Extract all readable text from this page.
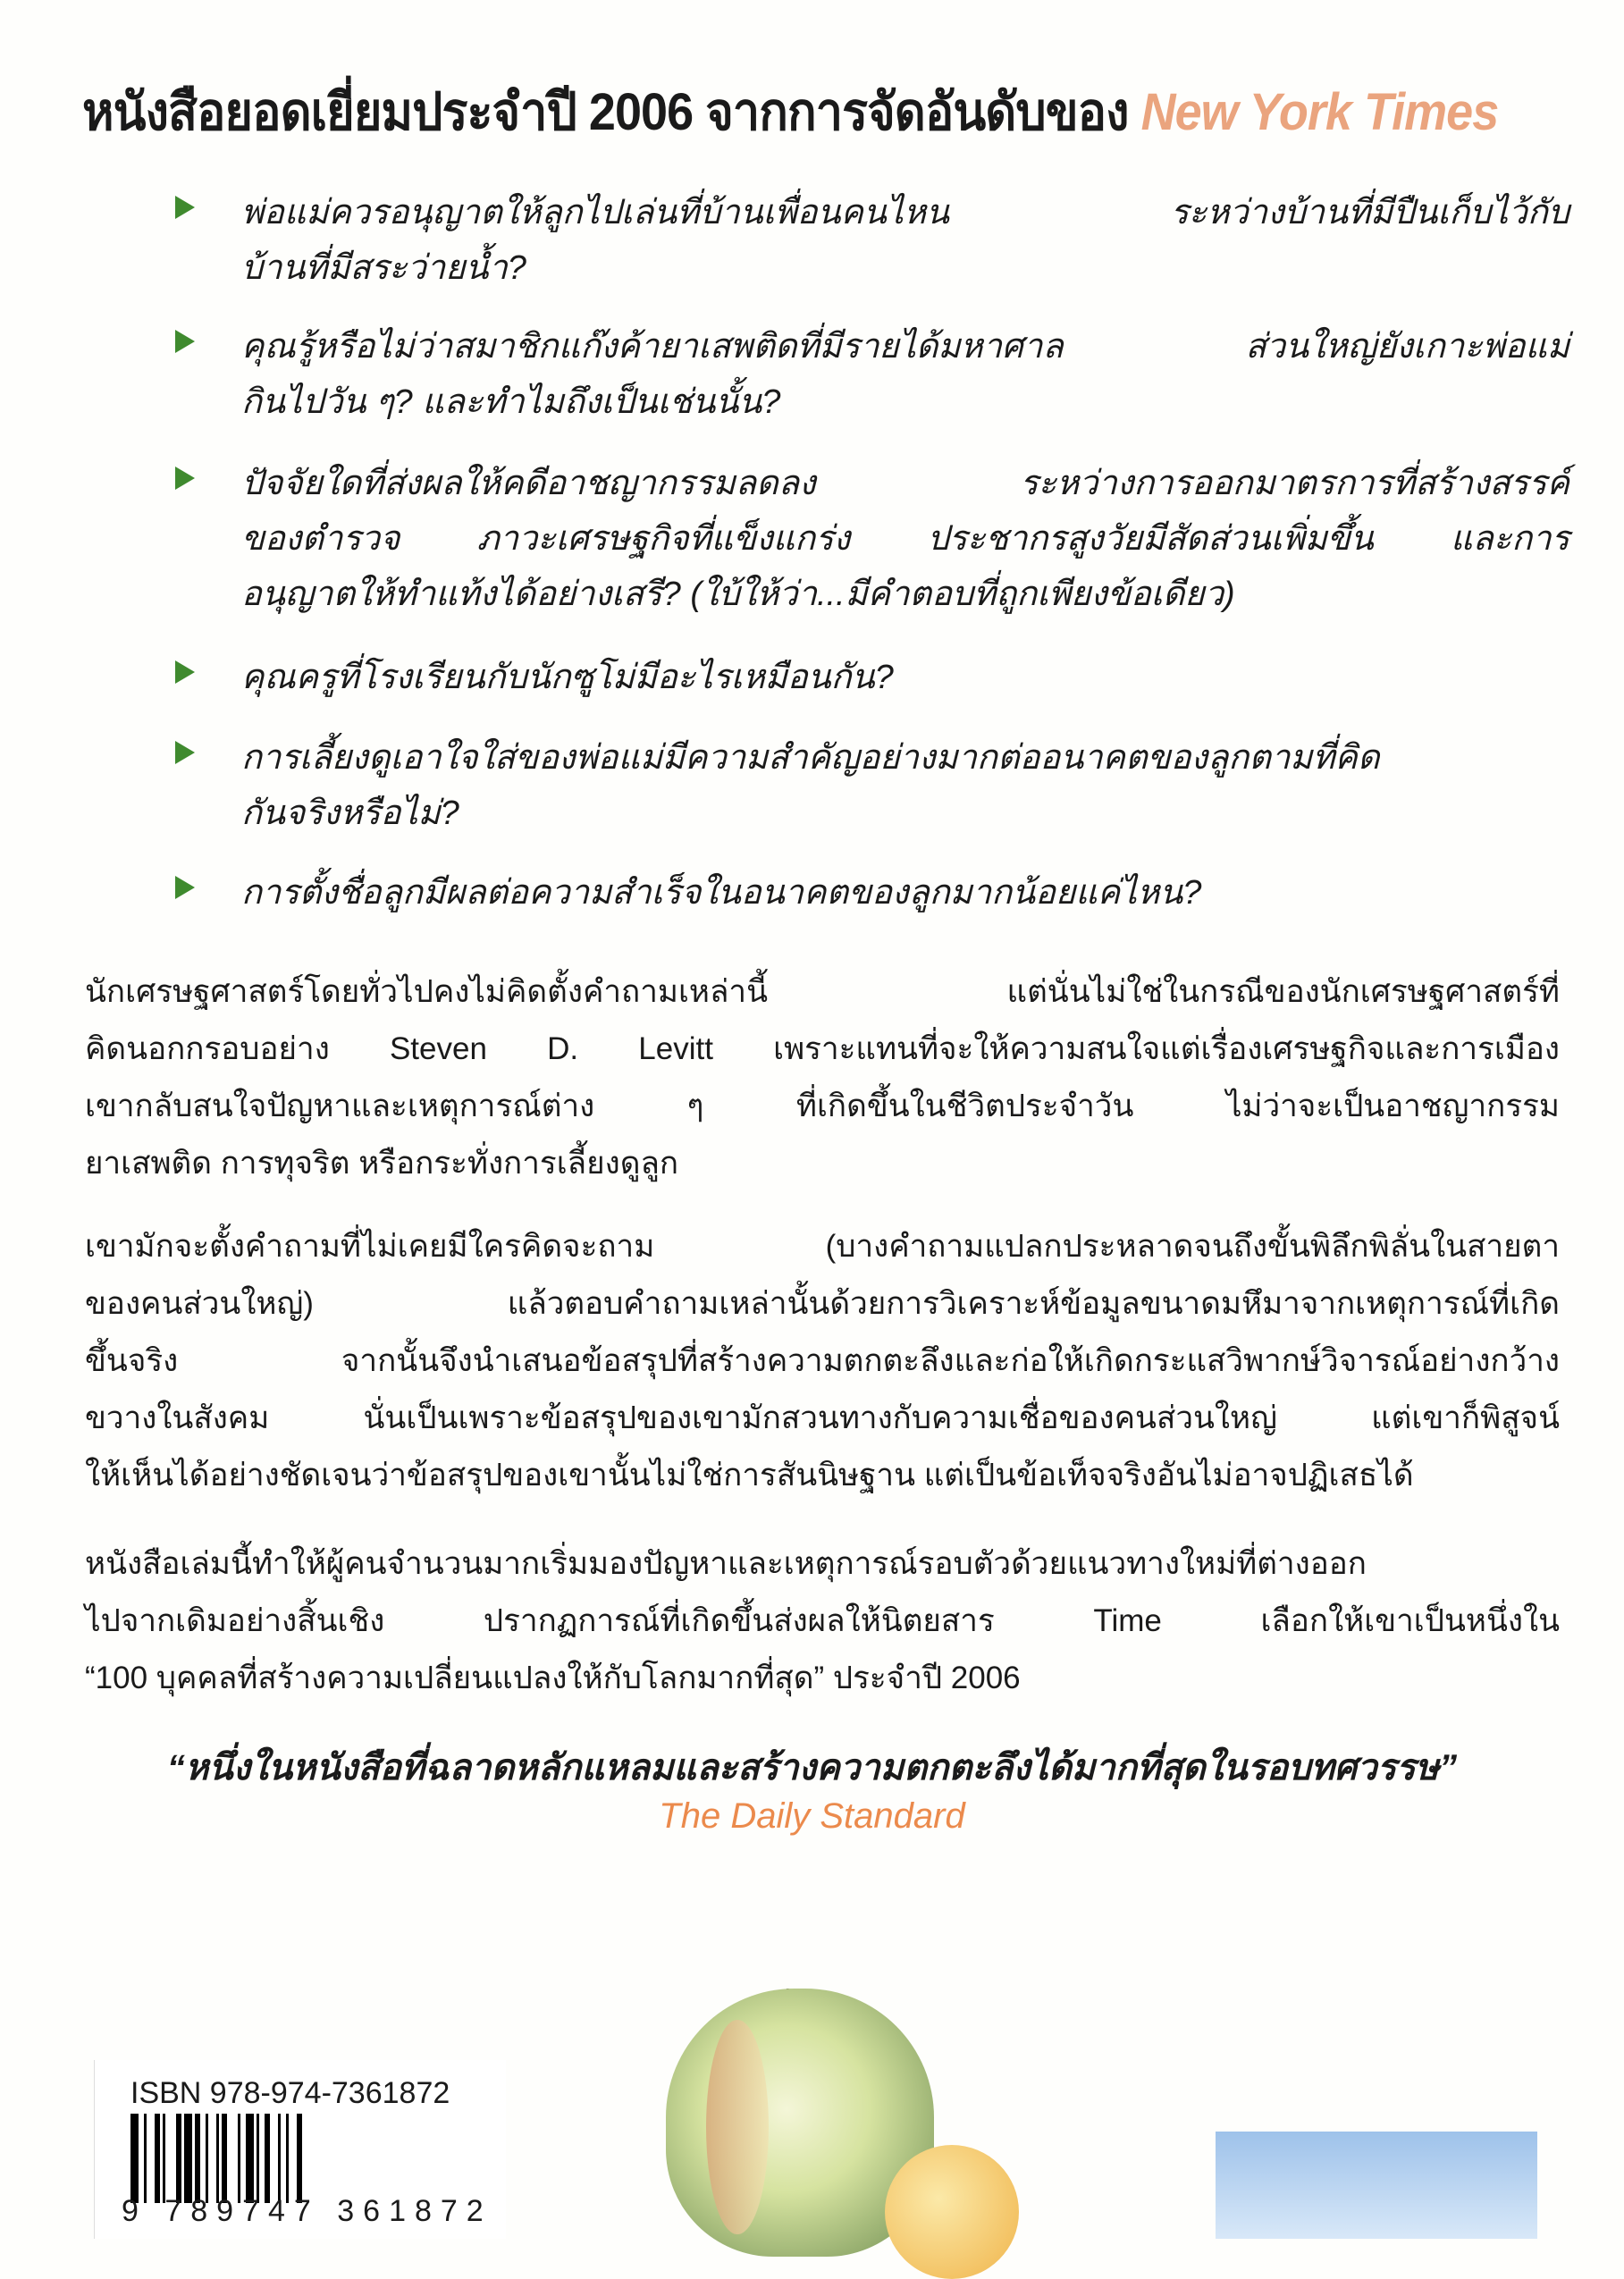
หนังสือยอดเยี่ยมประจำปี 2006 จากการจัดอันดับของ New York Times
พ่อแม่ควรอนุญาตให้ลูกไปเล่นที่บ้านเพื่อนคนไหน ระหว่างบ้านที่มีปืนเก็บไว้กับ
บ้านที่มีสระว่ายน้ำ?
คุณรู้หรือไม่ว่าสมาชิกแก๊งค้ายาเสพติดที่มีรายได้มหาศาล ส่วนใหญ่ยังเกาะพ่อแม่
กินไปวัน ๆ? และทำไมถึงเป็นเช่นนั้น?
ปัจจัยใดที่ส่งผลให้คดีอาชญากรรมลดลง ระหว่างการออกมาตรการที่สร้างสรรค์
ของตำรวจ ภาวะเศรษฐกิจที่แข็งแกร่ง ประชากรสูงวัยมีสัดส่วนเพิ่มขึ้น และการ
อนุญาตให้ทำแท้งได้อย่างเสรี? (ใบ้ให้ว่า...มีคำตอบที่ถูกเพียงข้อเดียว)
คุณครูที่โรงเรียนกับนักซูโม่มีอะไรเหมือนกัน?
การเลี้ยงดูเอาใจใส่ของพ่อแม่มีความสำคัญอย่างมากต่ออนาคตของลูกตามที่คิด
กันจริงหรือไม่?
การตั้งชื่อลูกมีผลต่อความสำเร็จในอนาคตของลูกมากน้อยแค่ไหน?
นักเศรษฐศาสตร์โดยทั่วไปคงไม่คิดตั้งคำถามเหล่านี้ แต่นั่นไม่ใช่ในกรณีของนักเศรษฐศาสตร์ที่
คิดนอกกรอบอย่าง Steven D. Levitt เพราะแทนที่จะให้ความสนใจแต่เรื่องเศรษฐกิจและการเมือง
เขากลับสนใจปัญหาและเหตุการณ์ต่าง ๆ ที่เกิดขึ้นในชีวิตประจำวัน ไม่ว่าจะเป็นอาชญากรรม
ยาเสพติด การทุจริต หรือกระทั่งการเลี้ยงดูลูก
เขามักจะตั้งคำถามที่ไม่เคยมีใครคิดจะถาม (บางคำถามแปลกประหลาดจนถึงขั้นพิลึกพิลั่นในสายตา
ของคนส่วนใหญ่) แล้วตอบคำถามเหล่านั้นด้วยการวิเคราะห์ข้อมูลขนาดมหึมาจากเหตุการณ์ที่เกิด
ขึ้นจริง จากนั้นจึงนำเสนอข้อสรุปที่สร้างความตกตะลึงและก่อให้เกิดกระแสวิพากษ์วิจารณ์อย่างกว้าง
ขวางในสังคม นั่นเป็นเพราะข้อสรุปของเขามักสวนทางกับความเชื่อของคนส่วนใหญ่ แต่เขาก็พิสูจน์
ให้เห็นได้อย่างชัดเจนว่าข้อสรุปของเขานั้นไม่ใช่การสันนิษฐาน แต่เป็นข้อเท็จจริงอันไม่อาจปฏิเสธได้
หนังสือเล่มนี้ทำให้ผู้คนจำนวนมากเริ่มมองปัญหาและเหตุการณ์รอบตัวด้วยแนวทางใหม่ที่ต่างออก
ไปจากเดิมอย่างสิ้นเชิง ปรากฏการณ์ที่เกิดขึ้นส่งผลให้นิตยสาร Time เลือกให้เขาเป็นหนึ่งใน
“100 บุคคลที่สร้างความเปลี่ยนแปลงให้กับโลกมากที่สุด” ประจำปี 2006
“หนึ่งในหนังสือที่ฉลาดหลักแหลมและสร้างความตกตะลึงได้มากที่สุดในรอบทศวรรษ”
The Daily Standard
ISBN 978-974-7361872
9 789747 361872
